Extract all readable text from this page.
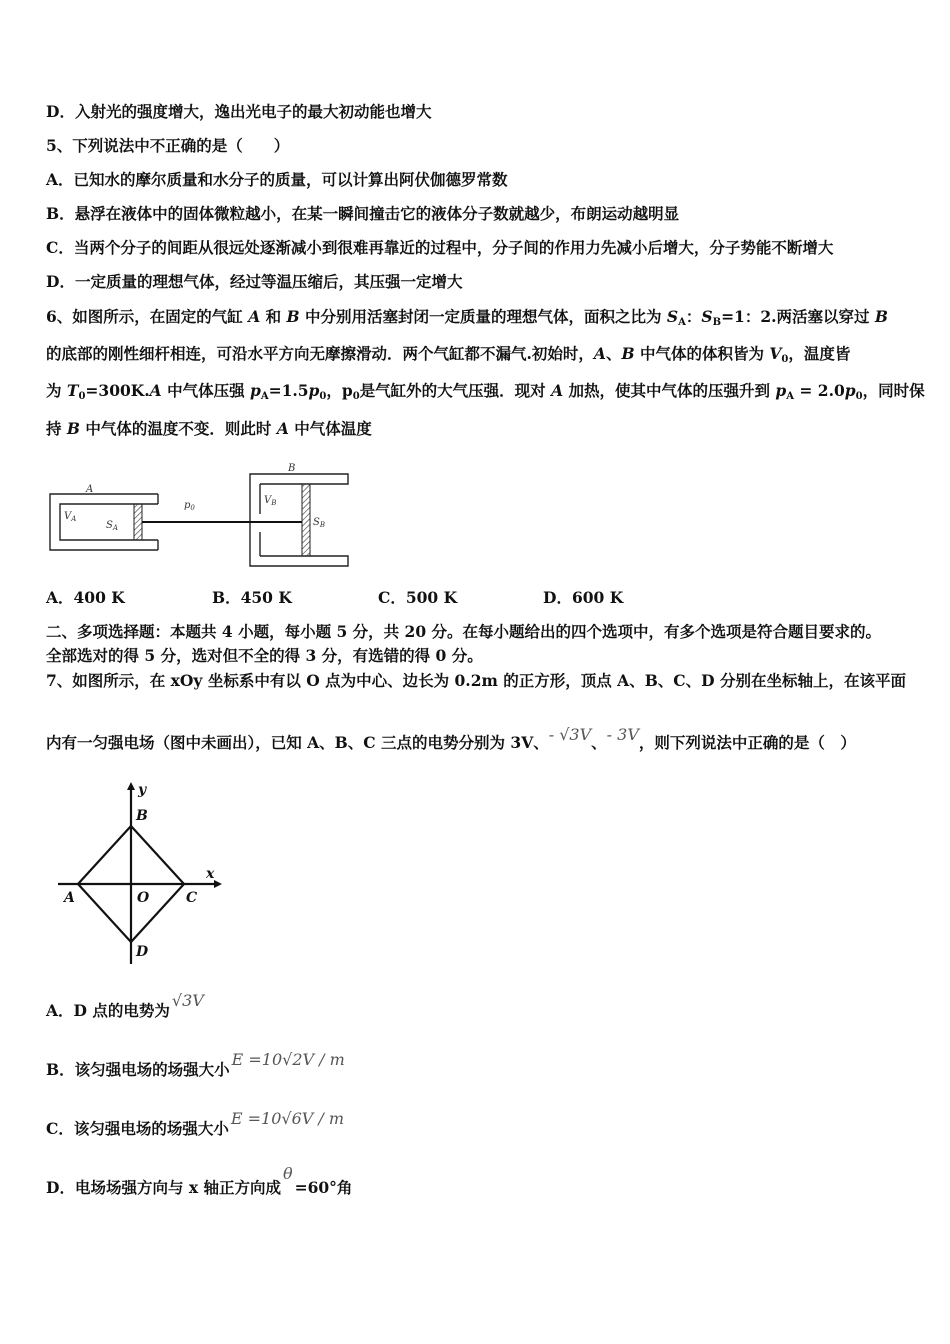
D．入射光的强度增大，逸出光电子的最大初动能也增大
5、下列说法中不正确的是（　　）
A．已知水的摩尔质量和水分子的质量，可以计算出阿伏伽德罗常数
B．悬浮在液体中的固体微粒越小，在某一瞬间撞击它的液体分子数就越少，布朗运动越明显
C．当两个分子的间距从很远处逐渐减小到很难再靠近的过程中，分子间的作用力先减小后增大，分子势能不断增大
D．一定质量的理想气体，经过等温压缩后，其压强一定增大
6、如图所示，在固定的气缸 A 和 B 中分别用活塞封闭一定质量的理想气体，面积之比为 $S_A$：$S_B=1$：2.两活塞以穿过 B
的底部的刚性细杆相连，可沿水平方向无摩擦滑动．两个气缸都不漏气.初始时，A、B 中气体的体积皆为 $V_0$，温度皆
为 $T_0=300K.A$ 中气体压强 $p_A=1.5p_0$，$p_0$是气缸外的大气压强．现对 A 加热，使其中气体的压强升到 $p_A = 2.0p_0$，同时保
持 B 中气体的温度不变．则此时 A 中气体温度
A
B
$V_A$
$S_A$
$p_0$
$V_B$
$S_B$
A．400 K	B．450 K	C．500 K	D．600 K
二、多项选择题：本题共 4 小题，每小题 5 分，共 20 分。在每小题给出的四个选项中，有多个选项是符合题目要求的。
全部选对的得 5 分，选对但不全的得 3 分，有选错的得 0 分。
7、如图所示，在 xOy 坐标系中有以 O 点为中心、边长为 0.2m 的正方形，顶点 A、B、C、D 分别在坐标轴上，在该平面
内有一匀强电场（图中未画出），已知 A、B、C 三点的电势分别为 3V、- √3V、- 3V，则下列说法中正确的是（　）
y
x
B
A	O	C
D
A．D 点的电势为√3V
B．该匀强电场的场强大小E =10√2V / m
C．该匀强电场的场强大小E =10√6V / m
D．电场场强方向与 x 轴正方向成θ=60°角
